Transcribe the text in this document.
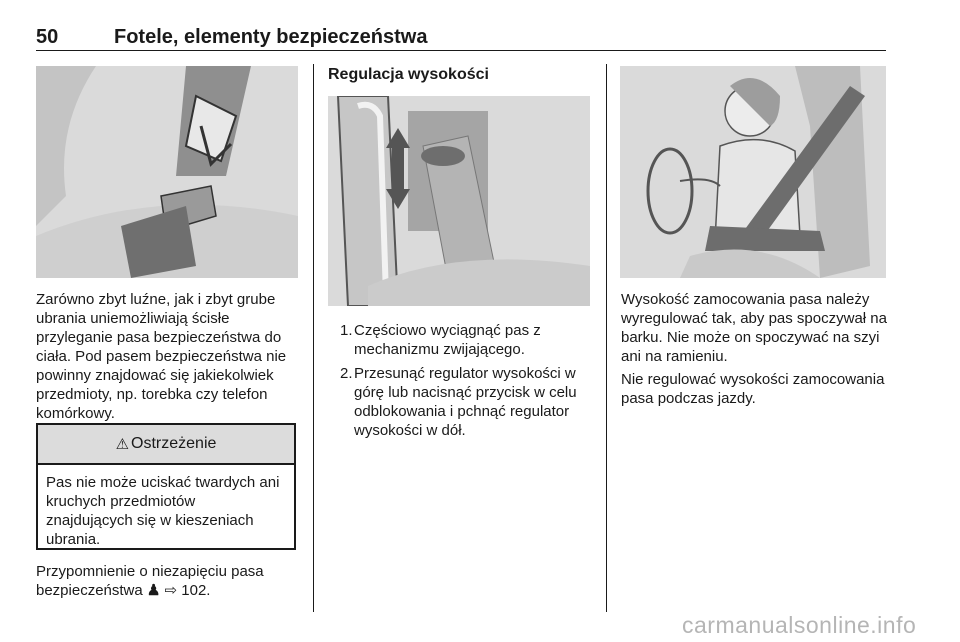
50	Fotele, elementy bezpieczeństwa

Zarówno zbyt luźne, jak i zbyt grube ubrania uniemożliwiają ścisłe przyleganie pasa bezpieczeństwa do ciała. Pod pasem bezpieczeństwa nie powinny znajdować się jakiekolwiek przedmioty, np. torebka czy telefon komórkowy.

⚠ Ostrzeżenie
Pas nie może uciskać twardych ani kruchych przedmiotów znajdujących się w kieszeniach ubrania.
Przypomnienie o niezapięciu pasa bezpieczeństwa ♟ ⇨ 102.
Regulacja wysokości
1. Częściowo wyciągnąć pas z mechanizmu zwijającego.
2. Przesunąć regulator wysokości w górę lub nacisnąć przycisk w celu odblokowania i pchnąć regulator wysokości w dół.

Wysokość zamocowania pasa należy wyregulować tak, aby pas spoczywał na barku. Nie może on spoczywać na szyi ani na ramieniu.

Nie regulować wysokości zamocowania pasa podczas jazdy.

carmanualsonline.info
